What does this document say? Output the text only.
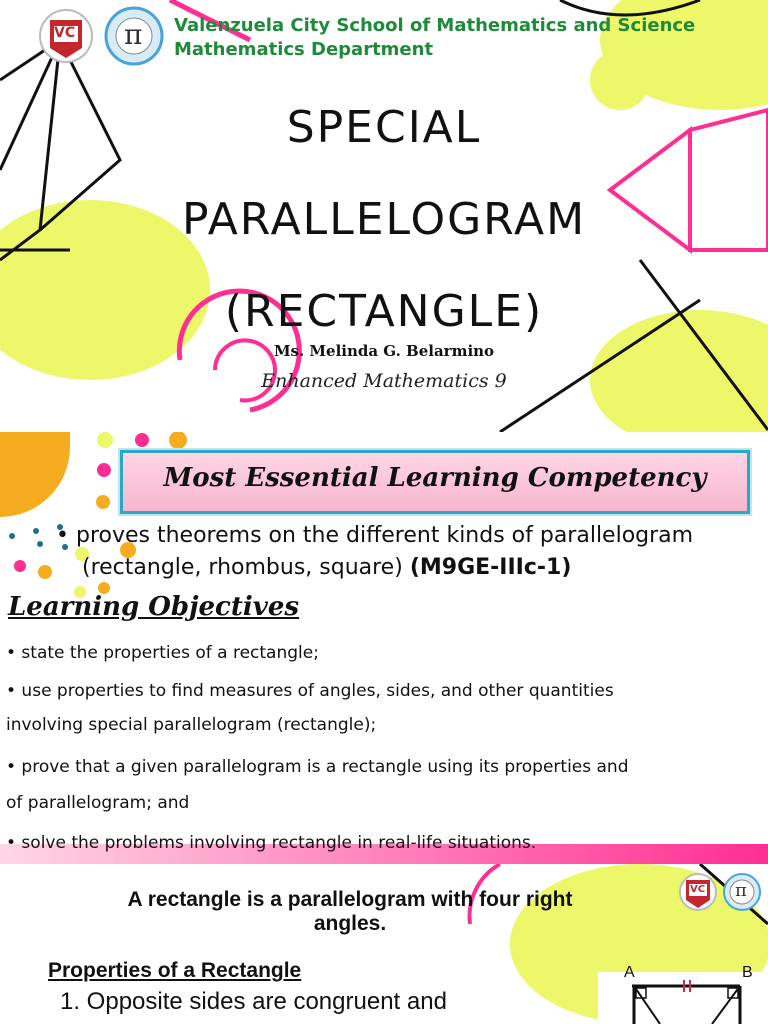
VC π Valenzuela City School of Mathematics and Science
Mathematics Department
SPECIAL
PARALLELOGRAM
(RECTANGLE)
Ms. Melinda G. Belarmino
Enhanced Mathematics 9
Most Essential Learning Competency
• proves theorems on the different kinds of parallelogram
(rectangle, rhombus, square) (M9GE-IIIc-1)
Learning Objectives
• state the properties of a rectangle;
• use properties to find measures of angles, sides, and other quantities
involving special parallelogram (rectangle);
• prove that a given parallelogram is a rectangle using its properties and
of parallelogram; and
• solve the problems involving rectangle in real-life situations.
VC π
A rectangle is a parallelogram with four right
angles.
Properties of a Rectangle
1. Opposite sides are congruent and
A	B
